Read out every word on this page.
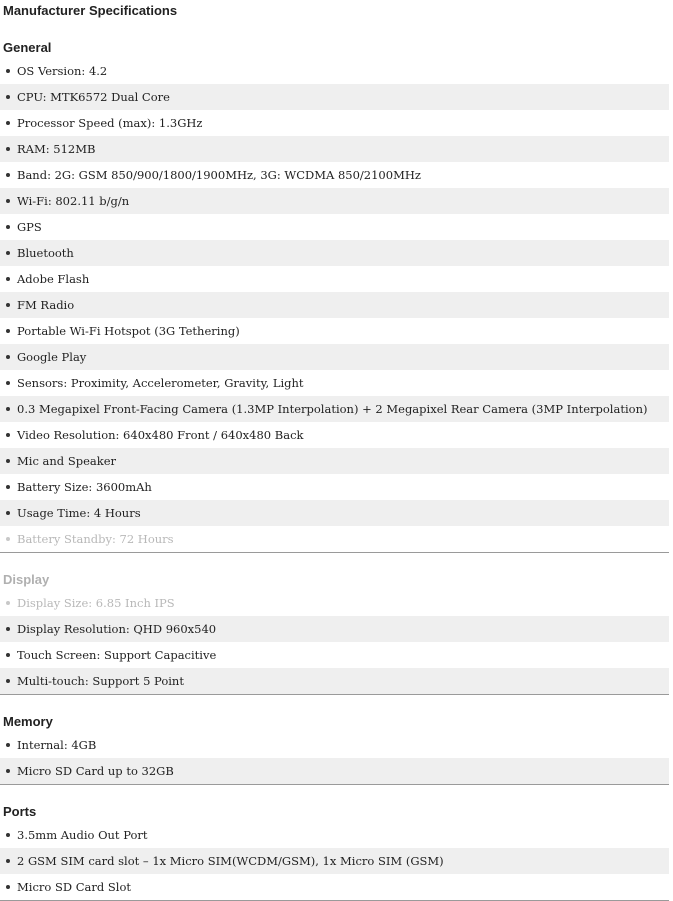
Manufacturer Specifications
General
OS Version: 4.2
CPU: MTK6572 Dual Core
Processor Speed (max): 1.3GHz
RAM: 512MB
Band: 2G: GSM 850/900/1800/1900MHz, 3G: WCDMA 850/2100MHz
Wi-Fi: 802.11 b/g/n
GPS
Bluetooth
Adobe Flash
FM Radio
Portable Wi-Fi Hotspot (3G Tethering)
Google Play
Sensors: Proximity, Accelerometer, Gravity, Light
0.3 Megapixel Front-Facing Camera (1.3MP Interpolation) + 2 Megapixel Rear Camera (3MP Interpolation)
Video Resolution: 640x480 Front / 640x480 Back
Mic and Speaker
Battery Size: 3600mAh
Usage Time: 4 Hours
Battery Standby: 72 Hours
Display
Display Size: 6.85 Inch IPS
Display Resolution: QHD 960x540
Touch Screen: Support Capacitive
Multi-touch: Support 5 Point
Memory
Internal: 4GB
Micro SD Card up to 32GB
Ports
3.5mm Audio Out Port
2 GSM SIM card slot – 1x Micro SIM(WCDM/GSM), 1x Micro SIM (GSM)
Micro SD Card Slot
